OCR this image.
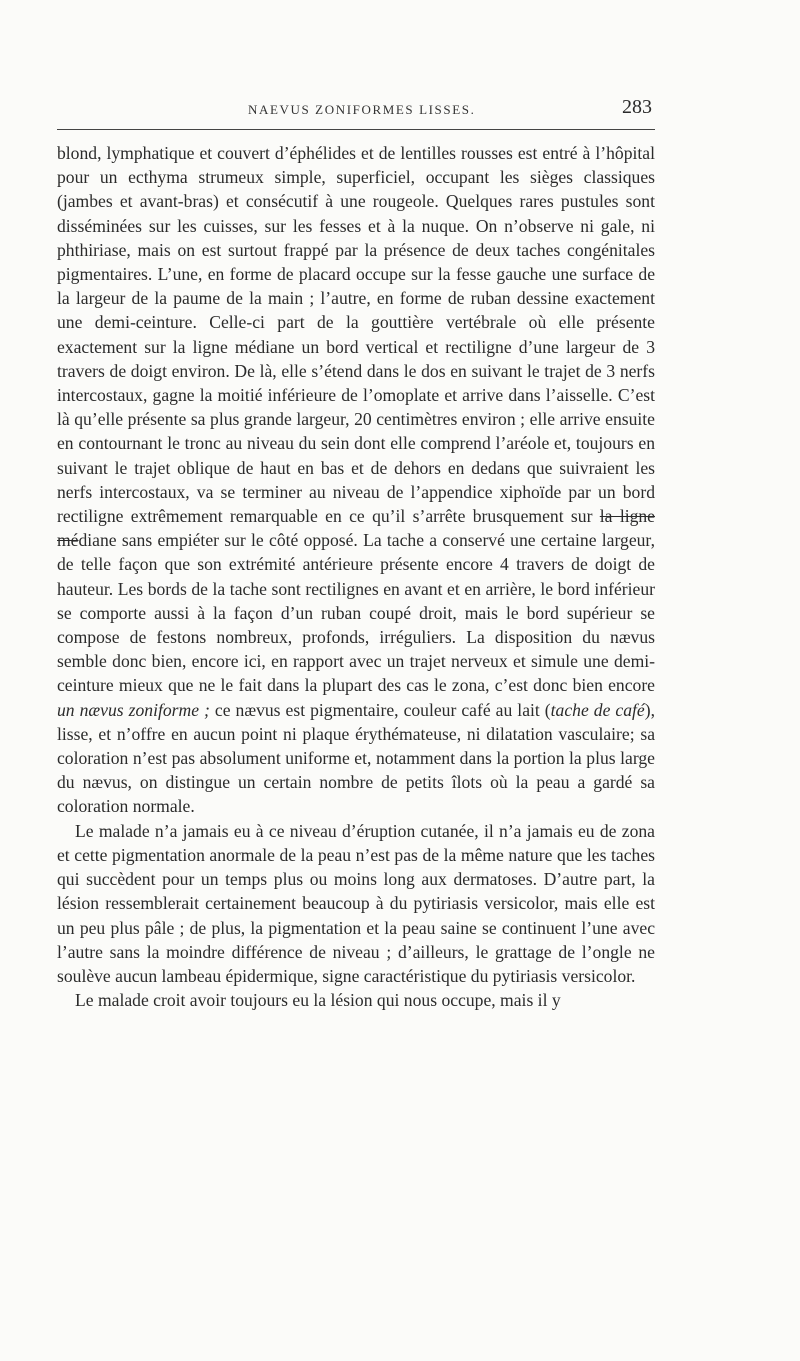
NAEVUS ZONIFORMES LISSES.	283

blond, lymphatique et couvert d’éphélides et de lentilles rousses est entré à l’hôpital pour un ecthyma strumeux simple, superficiel, occupant les sièges classiques (jambes et avant-bras) et consécutif à une rougeole. Quelques rares pustules sont disséminées sur les cuisses, sur les fesses et à la nuque. On n’observe ni gale, ni phthiriase, mais on est surtout frappé par la présence de deux taches congénitales pigmentaires. L’une, en forme de placard occupe sur la fesse gauche une surface de la largeur de la paume de la main ; l’autre, en forme de ruban dessine exactement une demi-ceinture. Celle-ci part de la gouttière vertébrale où elle présente exactement sur la ligne médiane un bord vertical et rectiligne d’une largeur de 3 travers de doigt environ. De là, elle s’étend dans le dos en suivant le trajet de 3 nerfs intercostaux, gagne la moitié inférieure de l’omoplate et arrive dans l’aisselle. C’est là qu’elle présente sa plus grande largeur, 20 centimètres environ ; elle arrive ensuite en contournant le tronc au niveau du sein dont elle comprend l’aréole et, toujours en suivant le trajet oblique de haut en bas et de dehors en dedans que suivraient les nerfs intercostaux, va se terminer au niveau de l’appendice xiphoïde par un bord rectiligne extrêmement remarquable en ce qu’il s’arrête brusquement sur la ligne médiane sans empiéter sur le côté opposé. La tache a conservé une certaine largeur, de telle façon que son extrémité antérieure présente encore 4 travers de doigt de hauteur. Les bords de la tache sont rectilignes en avant et en arrière, le bord inférieur se comporte aussi à la façon d’un ruban coupé droit, mais le bord supérieur se compose de festons nombreux, profonds, irréguliers. La disposition du nævus semble donc bien, encore ici, en rapport avec un trajet nerveux et simule une demi-ceinture mieux que ne le fait dans la plupart des cas le zona, c’est donc bien encore un nævus zoniforme ; ce nævus est pigmentaire, couleur café au lait (tache de café), lisse, et n’offre en aucun point ni plaque érythémateuse, ni dilatation vasculaire; sa coloration n’est pas absolument uniforme et, notamment dans la portion la plus large du nævus, on distingue un certain nombre de petits îlots où la peau a gardé sa coloration normale.

Le malade n’a jamais eu à ce niveau d’éruption cutanée, il n’a jamais eu de zona et cette pigmentation anormale de la peau n’est pas de la même nature que les taches qui succèdent pour un temps plus ou moins long aux dermatoses. D’autre part, la lésion ressemblerait certainement beaucoup à du pytiriasis versicolor, mais elle est un peu plus pâle ; de plus, la pigmentation et la peau saine se continuent l’une avec l’autre sans la moindre différence de niveau ; d’ailleurs, le grattage de l’ongle ne soulève aucun lambeau épidermique, signe caractéristique du pytiriasis versicolor.

Le malade croit avoir toujours eu la lésion qui nous occupe, mais il y
